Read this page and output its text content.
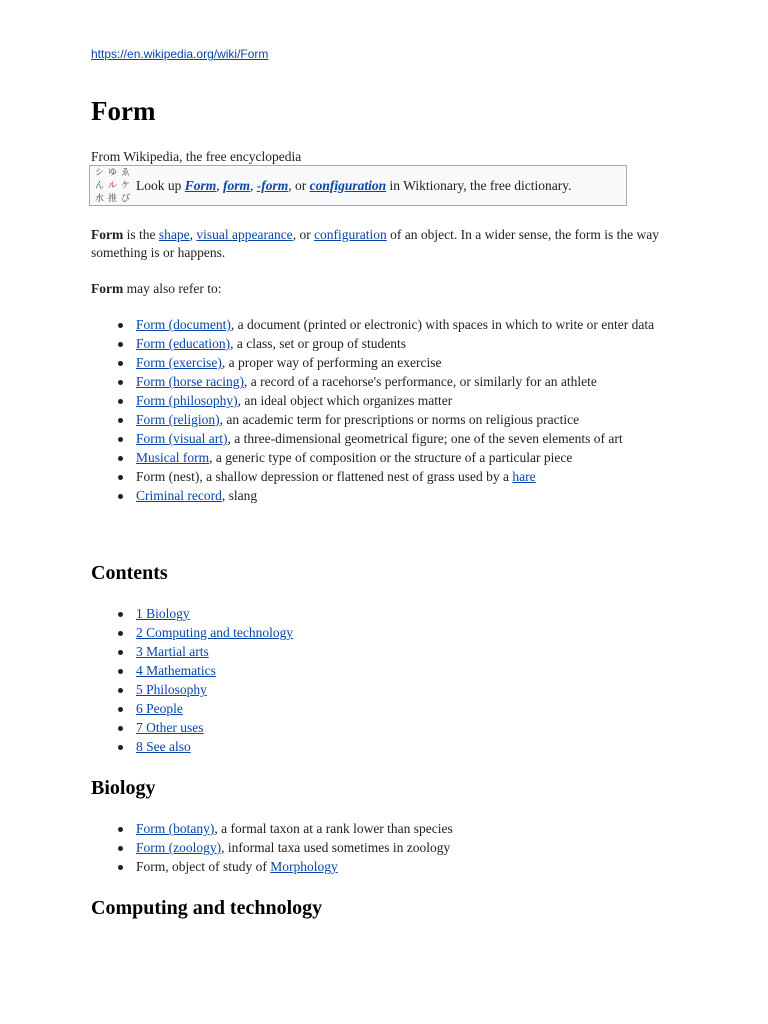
https://en.wikipedia.org/wiki/Form
Form

From Wikipedia, the free encyclopedia

シ ゆ ゑ
ん ル ケ
水 推 び
Look up Form, form, -form, or configuration in Wiktionary, the free dictionary.

Form is the shape, visual appearance, or configuration of an object. In a wider sense, the form is the way something is or happens.

Form may also refer to:

Form (document), a document (printed or electronic) with spaces in which to write or enter data
Form (education), a class, set or group of students
Form (exercise), a proper way of performing an exercise
Form (horse racing), a record of a racehorse's performance, or similarly for an athlete
Form (philosophy), an ideal object which organizes matter
Form (religion), an academic term for prescriptions or norms on religious practice
Form (visual art), a three-dimensional geometrical figure; one of the seven elements of art
Musical form, a generic type of composition or the structure of a particular piece
Form (nest), a shallow depression or flattened nest of grass used by a hare
Criminal record, slang
Contents
1 Biology
2 Computing and technology
3 Martial arts
4 Mathematics
5 Philosophy
6 People
7 Other uses
8 See also
Biology
Form (botany), a formal taxon at a rank lower than species
Form (zoology), informal taxa used sometimes in zoology
Form, object of study of Morphology
Computing and technology
